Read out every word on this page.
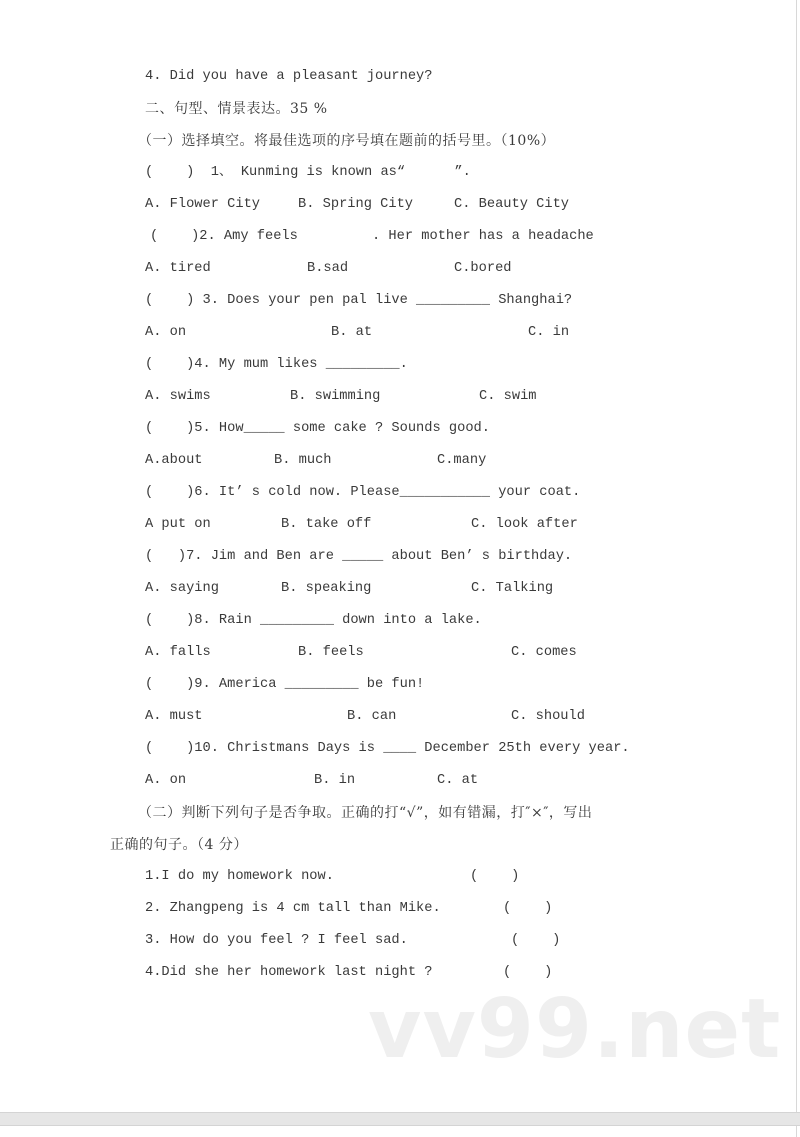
4. Did you have a pleasant journey?
二、句型、情景表达。35 %
（一）选择填空。将最佳选项的序号填在题前的括号里。（10%）
(    )  1、 Kunming is known as“      ”.
A. Flower City	B. Spring City	C. Beauty City
(    )2. Amy feels	. Her mother has a headache
A. tired	B.sad	C.bored
(    ) 3. Does your pen pal live _________ Shanghai?
A. on	B. at	C. in
(    )4. My mum likes _________.
A. swims	B. swimming	C. swim
(    )5. How_____ some cake ? Sounds good.
A.about	B. much	C.many
(    )6. It’ s cold now. Please___________ your coat.
A put on	B. take off	C. look after
(   )7. Jim and Ben are _____ about Ben’ s birthday.
A. saying	B. speaking	C. Talking
(    )8. Rain _________ down into a lake.
A. falls	B. feels	C. comes
(    )9. America _________ be fun!
A. must	B. can	C. should
(    )10. Christmans Days is ____ December 25th every year.
A. on	B. in	C. at
（二）判断下列句子是否争取。正确的打“√”，如有错漏，打″×″，写出
正确的句子。（4 分）
1.I do my homework now.	(    )
2. Zhangpeng is 4 cm tall than Mike.	(    )
3. How do you feel ? I feel sad.	(    )
4.Did she her homework last night ?	(    )
vv99.net
